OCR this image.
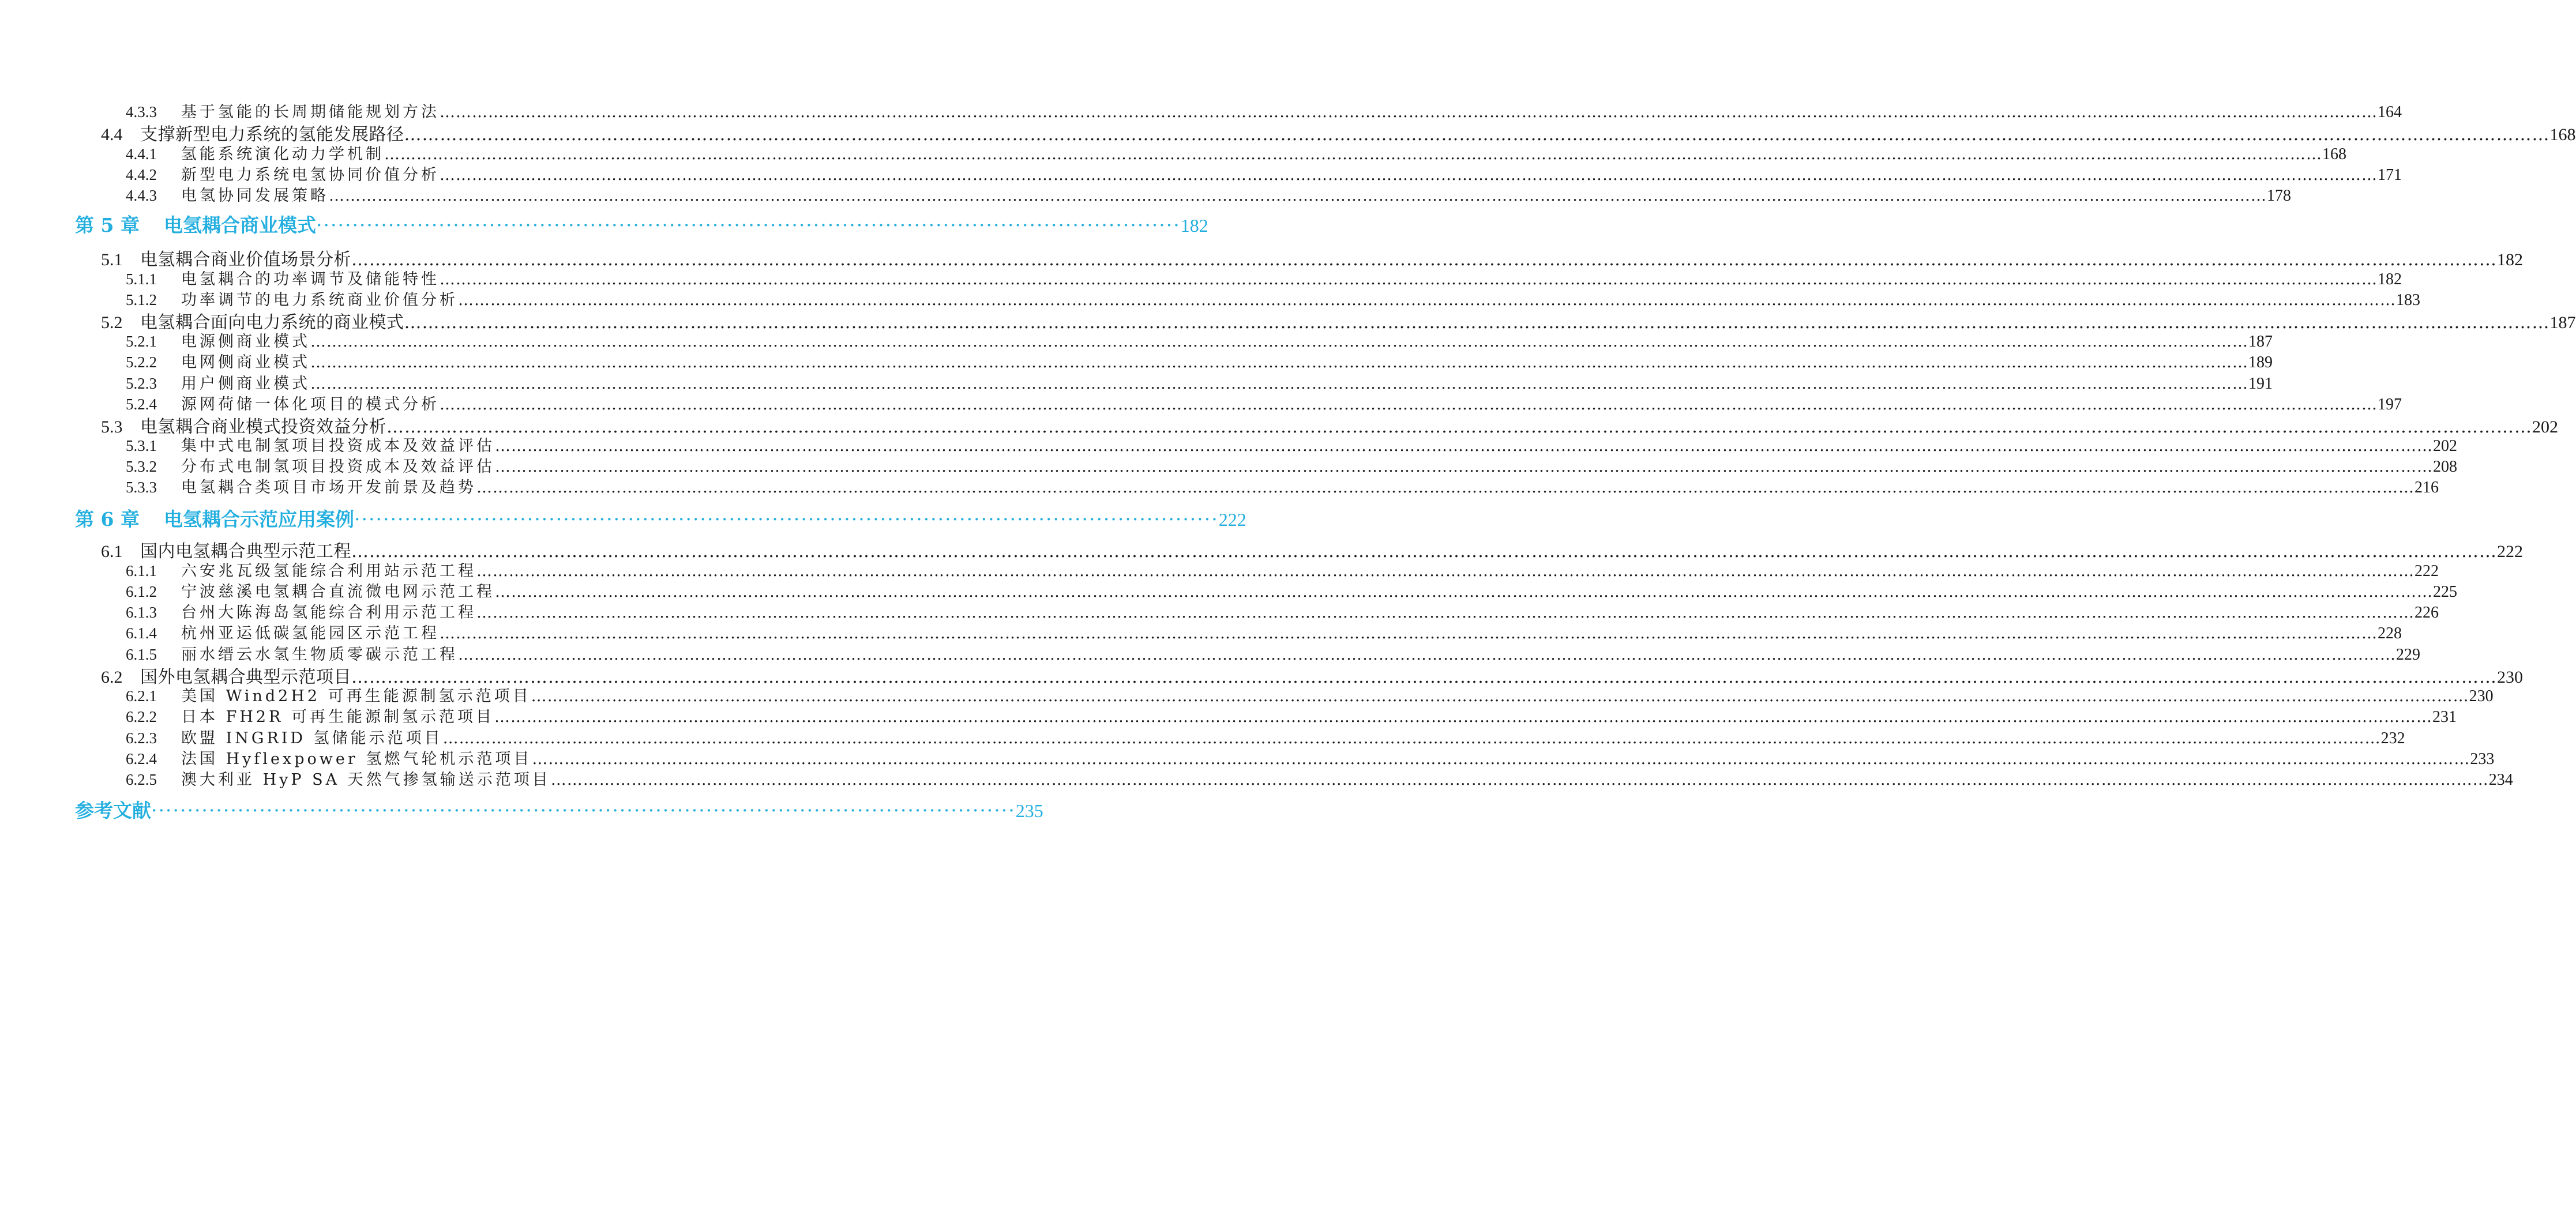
4.3.3	基于氢能的长周期储能规划方法 ……………………………………………………………………………………………………………………………………………………………………………………………………………………………………………………………………………………………………………………………… 164
4.4	支撑新型电力系统的氢能发展路径 ……………………………………………………………………………………………………………………………………………………………………………………………………………………………………………………………………………………………………………………………… 168
4.4.1	氢能系统演化动力学机制 ……………………………………………………………………………………………………………………………………………………………………………………………………………………………………………………………………………………………………………………………… 168
4.4.2	新型电力系统电氢协同价值分析 ……………………………………………………………………………………………………………………………………………………………………………………………………………………………………………………………………………………………………………………………… 171
4.4.3	电氢协同发展策略 ……………………………………………………………………………………………………………………………………………………………………………………………………………………………………………………………………………………………………………………………… 178
第 5 章	电氢耦合商业模式 ························································································································ 182
5.1	电氢耦合商业价值场景分析 ……………………………………………………………………………………………………………………………………………………………………………………………………………………………………………………………………………………………………………………………… 182
5.1.1	电氢耦合的功率调节及储能特性 ……………………………………………………………………………………………………………………………………………………………………………………………………………………………………………………………………………………………………………………………… 182
5.1.2	功率调节的电力系统商业价值分析 ……………………………………………………………………………………………………………………………………………………………………………………………………………………………………………………………………………………………………………………………… 183
5.2	电氢耦合面向电力系统的商业模式 ……………………………………………………………………………………………………………………………………………………………………………………………………………………………………………………………………………………………………………………………… 187
5.2.1	电源侧商业模式 ……………………………………………………………………………………………………………………………………………………………………………………………………………………………………………………………………………………………………………………………… 187
5.2.2	电网侧商业模式 ……………………………………………………………………………………………………………………………………………………………………………………………………………………………………………………………………………………………………………………………… 189
5.2.3	用户侧商业模式 ……………………………………………………………………………………………………………………………………………………………………………………………………………………………………………………………………………………………………………………………… 191
5.2.4	源网荷储一体化项目的模式分析 ……………………………………………………………………………………………………………………………………………………………………………………………………………………………………………………………………………………………………………………………… 197
5.3	电氢耦合商业模式投资效益分析 ……………………………………………………………………………………………………………………………………………………………………………………………………………………………………………………………………………………………………………………………… 202
5.3.1	集中式电制氢项目投资成本及效益评估 ……………………………………………………………………………………………………………………………………………………………………………………………………………………………………………………………………………………………………………………………… 202
5.3.2	分布式电制氢项目投资成本及效益评估 ……………………………………………………………………………………………………………………………………………………………………………………………………………………………………………………………………………………………………………………………… 208
5.3.3	电氢耦合类项目市场开发前景及趋势 ……………………………………………………………………………………………………………………………………………………………………………………………………………………………………………………………………………………………………………………………… 216
第 6 章	电氢耦合示范应用案例 ························································································································ 222
6.1	国内电氢耦合典型示范工程 ……………………………………………………………………………………………………………………………………………………………………………………………………………………………………………………………………………………………………………………………… 222
6.1.1	六安兆瓦级氢能综合利用站示范工程 ……………………………………………………………………………………………………………………………………………………………………………………………………………………………………………………………………………………………………………………………… 222
6.1.2	宁波慈溪电氢耦合直流微电网示范工程 ……………………………………………………………………………………………………………………………………………………………………………………………………………………………………………………………………………………………………………………………… 225
6.1.3	台州大陈海岛氢能综合利用示范工程 ……………………………………………………………………………………………………………………………………………………………………………………………………………………………………………………………………………………………………………………………… 226
6.1.4	杭州亚运低碳氢能园区示范工程 ……………………………………………………………………………………………………………………………………………………………………………………………………………………………………………………………………………………………………………………………… 228
6.1.5	丽水缙云水氢生物质零碳示范工程 ……………………………………………………………………………………………………………………………………………………………………………………………………………………………………………………………………………………………………………………………… 229
6.2	国外电氢耦合典型示范项目 ……………………………………………………………………………………………………………………………………………………………………………………………………………………………………………………………………………………………………………………………… 230
6.2.1	美国 Wind2H2 可再生能源制氢示范项目 ……………………………………………………………………………………………………………………………………………………………………………………………………………………………………………………………………………………………………………………………… 230
6.2.2	日本 FH2R 可再生能源制氢示范项目 ……………………………………………………………………………………………………………………………………………………………………………………………………………………………………………………………………………………………………………………………… 231
6.2.3	欧盟 INGRID 氢储能示范项目 ……………………………………………………………………………………………………………………………………………………………………………………………………………………………………………………………………………………………………………………………… 232
6.2.4	法国 Hyflexpower 氢燃气轮机示范项目 ……………………………………………………………………………………………………………………………………………………………………………………………………………………………………………………………………………………………………………………………… 233
6.2.5	澳大利亚 HyP SA 天然气掺氢输送示范项目 ……………………………………………………………………………………………………………………………………………………………………………………………………………………………………………………………………………………………………………………………… 234
参考文献 ························································································································ 235
